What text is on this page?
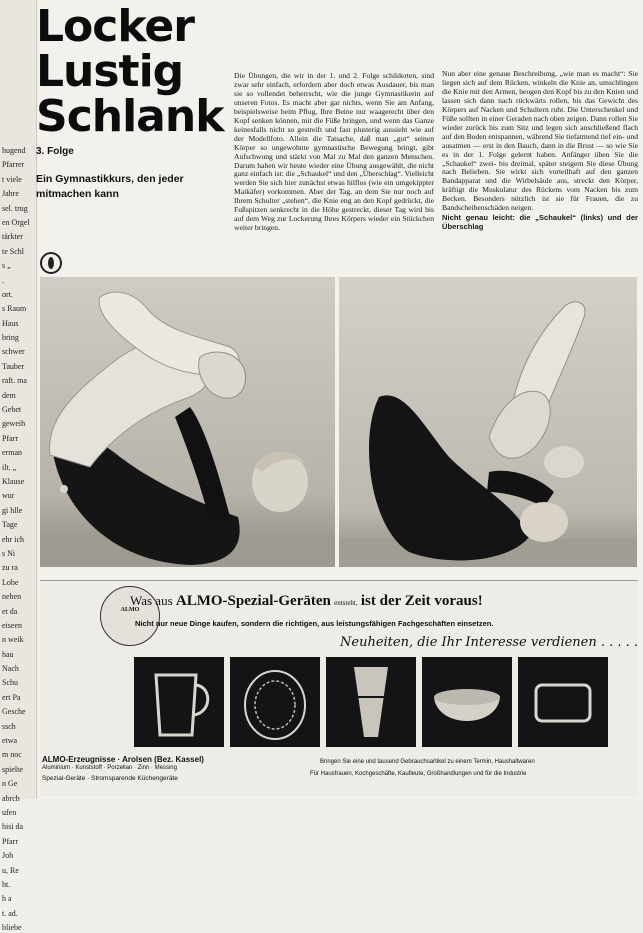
hugend
Pfarrer
t viele
Jahre
sel. trug
en Orgel
tärkter
te Schl
s „
.
ort.
s Raum
Haus
bring
schwer
Tauber
raft. ma
dem
Gebet
geweih
Pfarr
erman
ilt. „
Klause
wur
gi hlle
Tage
ehr ich
s Ni
zu ra
Lobe
nehen
et da
eiseen
n weik
hau
Nach
Schu
ert Pa
Gesche
ssch
etwa
m noc
spielte
n Ge
abrch
ufen
hisi da
Pfarr
Joh
u, Re
ht.
h a
t. ad.
bliebe
Locker
Lustig
Schlank
3. Folge
Ein Gymnastikkurs, den jeder mitmachen kann
Die Übungen, die wir in der 1. und 2. Folge schilderten, sind zwar sehr einfach, erfordern aber doch etwas Ausdauer, bis man sie so vollendet beherrscht, wie die junge Gymnastikerin auf unseren Fotos. Es macht aber gar nichts, wenn Sie am Anfang, beispielsweise beim Pflug, Ihre Beine nur waagerecht über den Kopf senken können, mit die Füße bringen, und wenn das Ganze keinesfalls nicht so gestreift und fast plusterig aussieht wie auf der Modellfoto. Allein die Tatsache, daß man „gut“ seinen Körper so ungewohnte gymnastische Bewegung bringt, gibt Aufschwung und stärkt von Mal zu Mal den ganzen Menschen. Darum haben wir heute wieder eine Übung ausgewählt, die nicht ganz einfach ist: die „Schaukel“ und den „Überschlag“. Vielleicht werden Sie sich hier zunächst etwas hilflos (wie ein umgekippter Maikäfer) vorkommen. Aber der Tag, an dem Sie nur noch auf Ihrem Schulter „stehen“, die Knie eng an den Kopf gedrückt, die Fußspitzen senkrecht in die Höhe gestreckt, dieser Tag wird bis auf dem Weg zur Lockerung Ihres Körpers wieder ein Stückchen weiter bringen.
Nun aber eine genaue Beschreibung, „wie man es macht“: Sie liegen sich auf dem Rücken, winkeln die Knie an, umschlingen die Knie mit den Armen, beugen den Kopf bis zu den Knien und lassen sich dann nach rückwärts rollen, bis das Gewicht des Körpers auf Nacken und Schultern ruht. Die Unterschenkel und Füße sollten in einer Geraden nach oben zeigen. Dann rollen Sie wieder zurück bis zum Sitz und legen sich anschließend flach auf den Boden entspannen, während Sie tiefatmend tief ein- und ausatmen — erst in den Bauch, dann in die Brust — so wie Sie es in der 1. Folge gelernt haben. Anfänger üben Sie die „Schaukel“ zwei- bis dreimal, später steigern Sie diese Übung nach Belieben. Sie wirkt sich vorteilhaft auf den ganzen Bandapparat und die Wirbelsäule aus, streckt den Körper, kräftigt die Muskulatur des Rückens vom Nacken bis zum Becken. Besonders nützlich ist sie für Frauen, die zu Bandscheibenschäden neigen.
Nicht genau leicht: die „Schaukel“ (links) und der Überschlag
ALMO
Was aus ALMO-Spezial-Geräten entsteht, ist der Zeit voraus!
Nicht nur neue Dinge kaufen, sondern die richtigen, aus leistungsfähigen Fachgeschäften einsetzen.
Neuheiten, die Ihr Interesse verdienen . . . . .
ALMO-Erzeugnisse · Arolsen (Bez. Kassel)
Aluminium · Kunststoff · Porzellan · Zinn · Messing
Spezial-Geräte · Stromsparende Küchengeräte
Bringen Sie eine und tausend Gebrauchsartikel zu einem Termin, Haushaltwaren
Für Hausfrauen, Kochgeschäfte, Kaufleute, Großhandlungen und für die Industrie
